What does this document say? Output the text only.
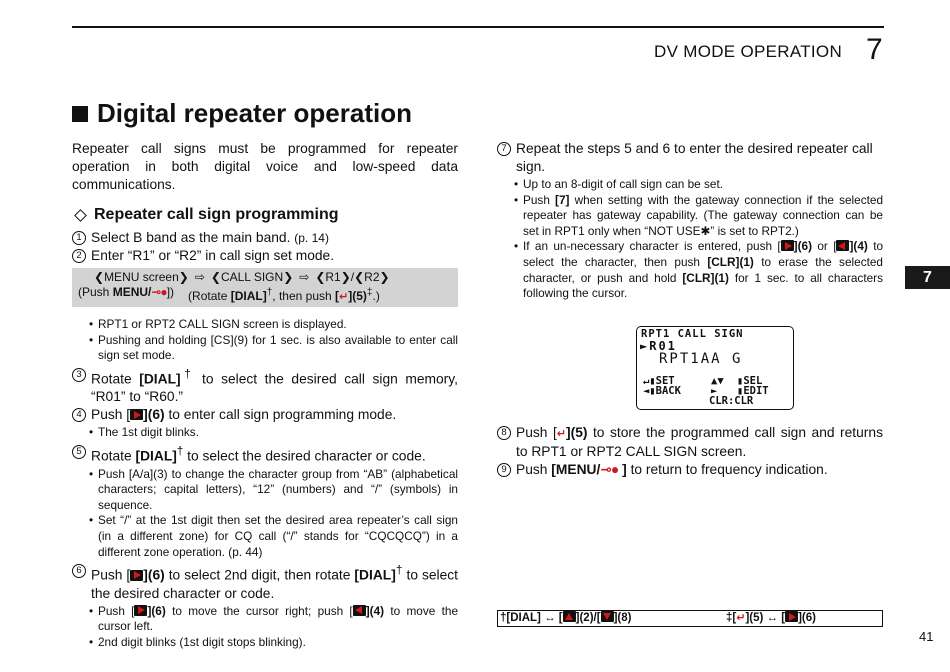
DV MODE OPERATION 7
7
Digital repeater operation

Repeater call signs must be programmed for repeater operation in both digital voice and low-speed data communications.

Repeater call sign programming
1 Select B band as the main band. (p. 14)
2 Enter “R1” or “R2” in call sign set mode.
❮MENU screen❯ ⇨ ❮CALL SIGN❯ ⇨ ❮R1❯/❮R2❯
(Push MENU/⊸●]) (Rotate [DIAL]†, then push [↵](5)‡.)
• RPT1 or RPT2 CALL SIGN screen is displayed.
• Pushing and holding [CS](9) for 1 sec. is also available to enter call sign set mode.
3 Rotate [DIAL]† to select the desired call sign memory, “R01” to “R60.”
4 Push [ ](6) to enter call sign programming mode.
• The 1st digit blinks.
5 Rotate [DIAL]† to select the desired character or code.
• Push [A/a](3) to change the character group from “AB” (alphabetical characters; capital letters), “12” (numbers) and “/” (symbols) in sequence.
• Set “/” at the 1st digit then set the desired area repeater’s call sign (in a different zone) for CQ call (“/” stands for “CQCQCQ”) in a different zone operation. (p. 44)
6 Push [ ](6) to select 2nd digit, then rotate [DIAL]† to select the desired character or code.
• Push [ ](6) to move the cursor right; push [ ](4) to move the cursor left.
• 2nd digit blinks (1st digit stops blinking).
7 Repeat the steps 5 and 6 to enter the desired repeater call sign.
• Up to an 8-digit of call sign can be set.
• Push [7] when setting with the gateway connection if the selected repeater has gateway capability. (The gateway connection can be set in RPT1 only when “NOT USE✱” is set to RPT2.)
• If an un-necessary character is entered, push [ ](6) or [ ](4) to select the character, then push [CLR](1) to erase the selected character, or push and hold [CLR](1) for 1 sec. to all characters following the cursor.
RPT1 CALL SIGN
►R01
RPT1AA G
↵▮SET
◄▮BACK
▲▼
►
▮SEL
▮EDIT
CLR:CLR
8 Push [↵](5) to store the programmed call sign and returns to RPT1 or RPT2 CALL SIGN screen.
9 Push [MENU/⊸● ] to return to frequency indication.
†[DIAL] ↔ [ ](2)/[ ](8)	‡[↵](5) ↔ [ ](6)
41
